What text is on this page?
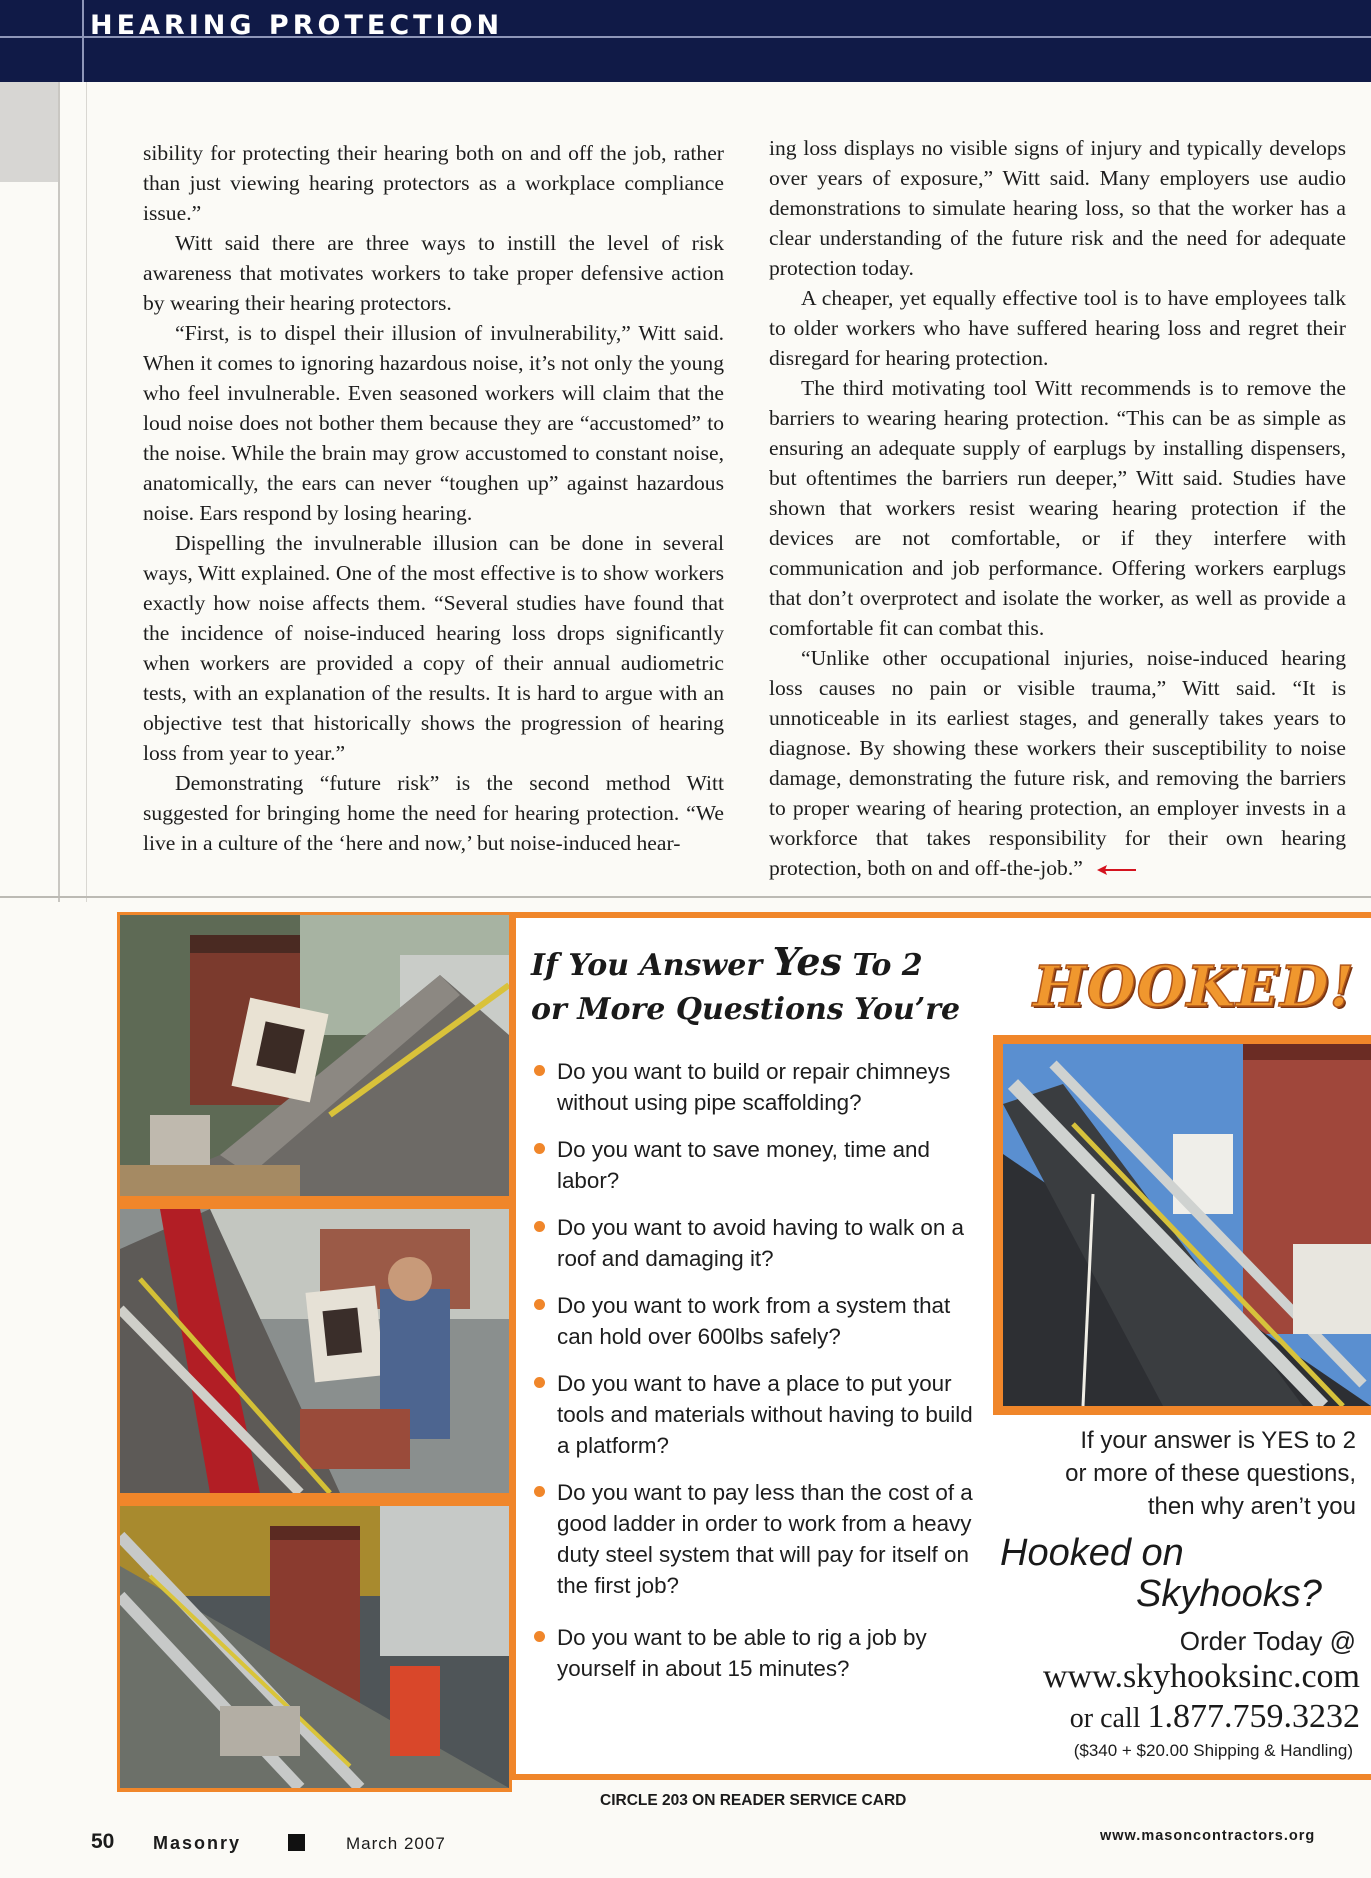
HEARING PROTECTION

sibility for protecting their hearing both on and off the job, rather than just viewing hearing protectors as a workplace compliance issue.”

Witt said there are three ways to instill the level of risk awareness that motivates workers to take proper defensive action by wearing their hearing protectors.

“First, is to dispel their illusion of invulnerability,” Witt said. When it comes to ignoring hazardous noise, it’s not only the young who feel invulnerable. Even seasoned workers will claim that the loud noise does not bother them because they are “accustomed” to the noise. While the brain may grow accustomed to constant noise, anatomically, the ears can never “toughen up” against hazardous noise. Ears respond by losing hearing.

Dispelling the invulnerable illusion can be done in several ways, Witt explained. One of the most effective is to show workers exactly how noise affects them. “Several studies have found that the incidence of noise-induced hearing loss drops significantly when workers are provided a copy of their annual audiometric tests, with an explanation of the results. It is hard to argue with an objective test that historically shows the progression of hearing loss from year to year.”

Demonstrating “future risk” is the second method Witt suggested for bringing home the need for hearing protection. “We live in a culture of the ‘here and now,’ but noise-induced hear-

ing loss displays no visible signs of injury and typically develops over years of exposure,” Witt said. Many employers use audio demonstrations to simulate hearing loss, so that the worker has a clear understanding of the future risk and the need for adequate protection today.

A cheaper, yet equally effective tool is to have employees talk to older workers who have suffered hearing loss and regret their disregard for hearing protection.

The third motivating tool Witt recommends is to remove the barriers to wearing hearing protection. “This can be as simple as ensuring an adequate supply of earplugs by installing dispensers, but oftentimes the barriers run deeper,” Witt said. Studies have shown that workers resist wearing hearing protection if the devices are not comfortable, or if they interfere with communication and job performance. Offering workers earplugs that don’t overprotect and isolate the worker, as well as provide a comfortable fit can combat this.

“Unlike other occupational injuries, noise-induced hearing loss causes no pain or visible trauma,” Witt said. “It is unnoticeable in its earliest stages, and generally takes years to diagnose. By showing these workers their susceptibility to noise damage, demonstrating the future risk, and removing the barriers to proper wearing of hearing protection, an employer invests in a workforce that takes responsibility for their own hearing protection, both on and off-the-job.”

If You Answer Yes To 2
or More Questions You’re HOOKED!
Do you want to build or repair chimneys without using pipe scaffolding?
Do you want to save money, time and labor?
Do you want to avoid having to walk on a roof and damaging it?
Do you want to work from a system that can hold over 600lbs safely?
Do you want to have a place to put your tools and materials without having to build a platform?
Do you want to pay less than the cost of a good ladder in order to work from a heavy duty steel system that will pay for itself on the first job?
Do you want to be able to rig a job by yourself in about 15 minutes?
If your answer is YES to 2
or more of these questions,
then why aren’t you
Hooked on
Skyhooks?
Order Today @
www.skyhooksinc.com
or call 1.877.759.3232
($340 + $20.00 Shipping & Handling)
CIRCLE 203 ON READER SERVICE CARD
50 Masonry	March 2007	www.masoncontractors.org
